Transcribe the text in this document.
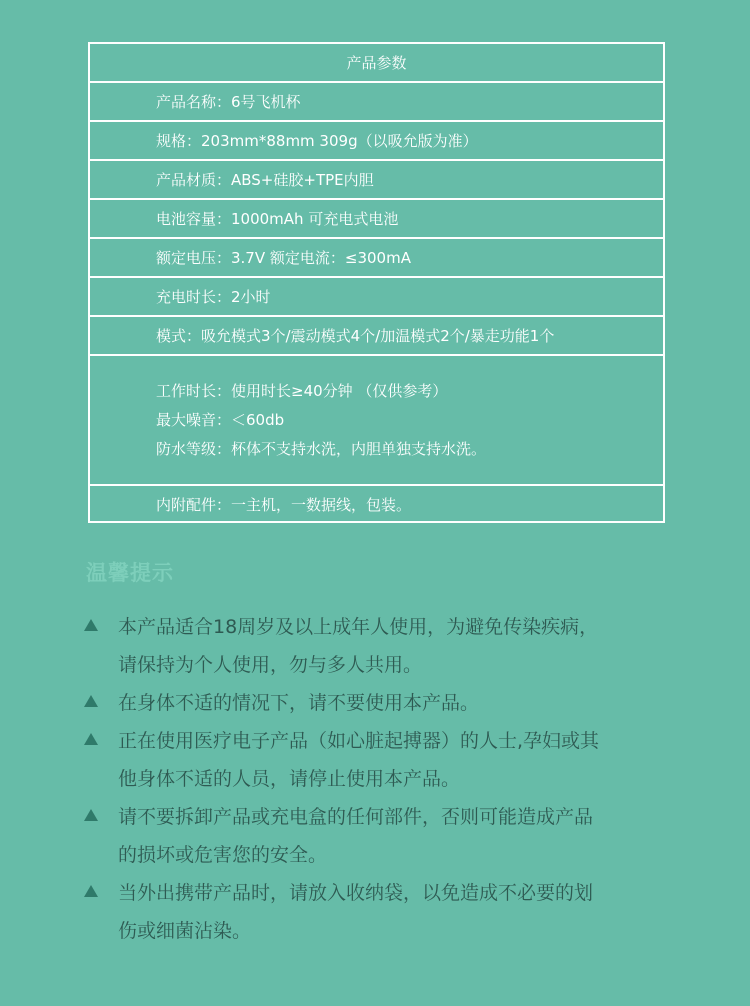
产品参数
产品名称：6号飞机杯
规格：203mm*88mm 309g（以吸允版为准）
产品材质：ABS+硅胶+TPE内胆
电池容量：1000mAh 可充电式电池
额定电压：3.7V 额定电流：≤300mA
充电时长：2小时
模式：吸允模式3个/震动模式4个/加温模式2个/暴走功能1个
工作时长：使用时长≥40分钟 （仅供参考）
最大噪音：＜60db
防水等级：杯体不支持水洗，内胆单独支持水洗。
内附配件：一主机，一数据线，包装。
温馨提示
本产品适合18周岁及以上成年人使用，为避免传染疾病，
请保持为个人使用，勿与多人共用。
在身体不适的情况下，请不要使用本产品。
正在使用医疗电子产品（如心脏起搏器）的人士,孕妇或其
他身体不适的人员，请停止使用本产品。
请不要拆卸产品或充电盒的任何部件，否则可能造成产品
的损坏或危害您的安全。
当外出携带产品时，请放入收纳袋，以免造成不必要的划
伤或细菌沾染。
